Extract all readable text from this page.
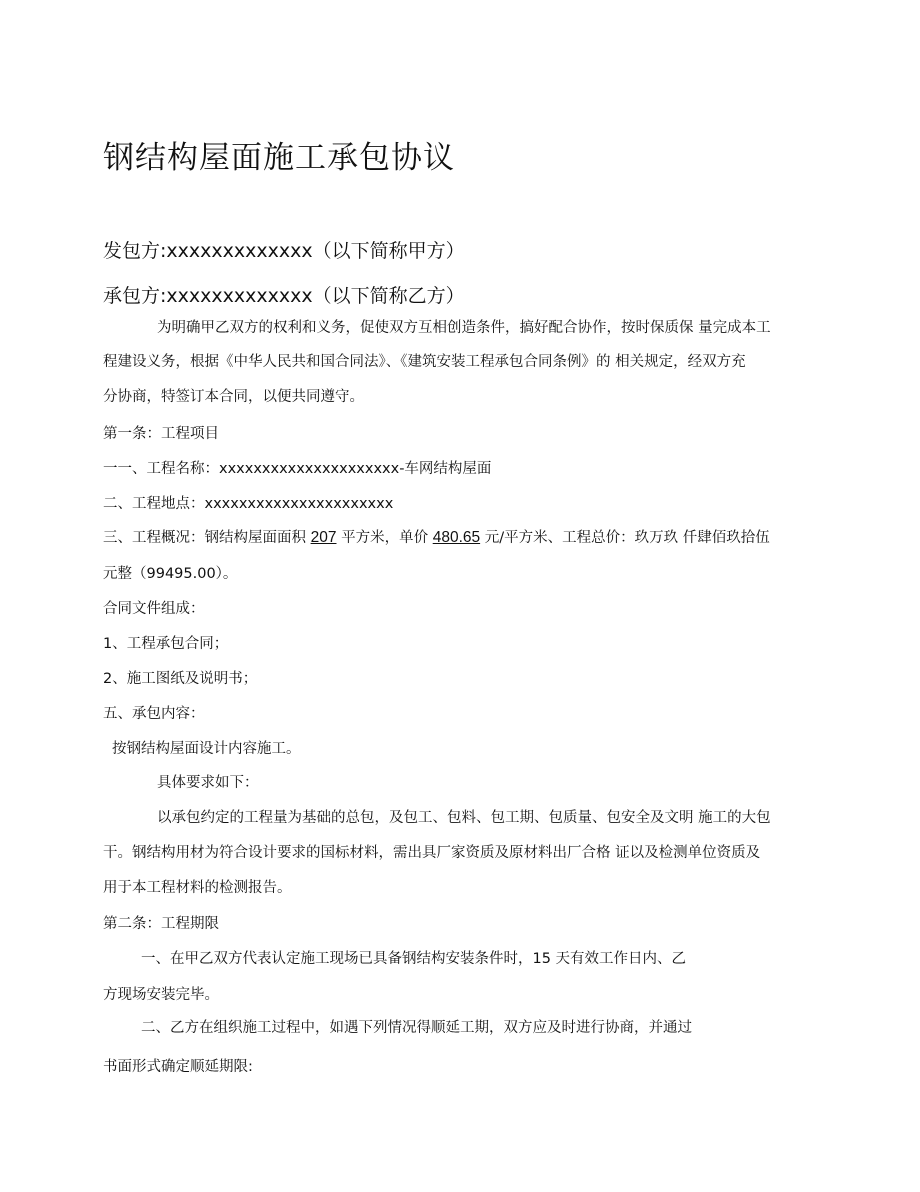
钢结构屋面施工承包协议
发包方:xxxxxxxxxxxxx（以下简称甲方）
承包方:xxxxxxxxxxxxx（以下简称乙方）
为明确甲乙双方的权利和义务，促使双方互相创造条件，搞好配合协作，按时保质保 量完成本工
程建设义务，根据《中华人民共和国合同法》、《建筑安装工程承包合同条例》的 相关规定，经双方充
分协商，特签订本合同，以便共同遵守。
第一条：工程项目
一一、工程名称：xxxxxxxxxxxxxxxxxxxxx-车网结构屋面
二、工程地点：xxxxxxxxxxxxxxxxxxxxxx
三、工程概况：钢结构屋面面积 207 平方米，单价 480.65 元/平方米、工程总价：玖万玖 仟肆佰玖拾伍
元整（99495.00）。
合同文件组成：
1、工程承包合同；
2、施工图纸及说明书；
五、承包内容：
按钢结构屋面设计内容施工。
具体要求如下：
以承包约定的工程量为基础的总包，及包工、包料、包工期、包质量、包安全及文明 施工的大包
干。钢结构用材为符合设计要求的国标材料，需出具厂家资质及原材料出厂合格 证以及检测单位资质及
用于本工程材料的检测报告。
第二条：工程期限
一、在甲乙双方代表认定施工现场已具备钢结构安装条件时，15 天有效工作日内、乙
方现场安装完毕。
二、乙方在组织施工过程中，如遇下列情况得顺延工期，双方应及时进行协商，并通过
书面形式确定顺延期限:
